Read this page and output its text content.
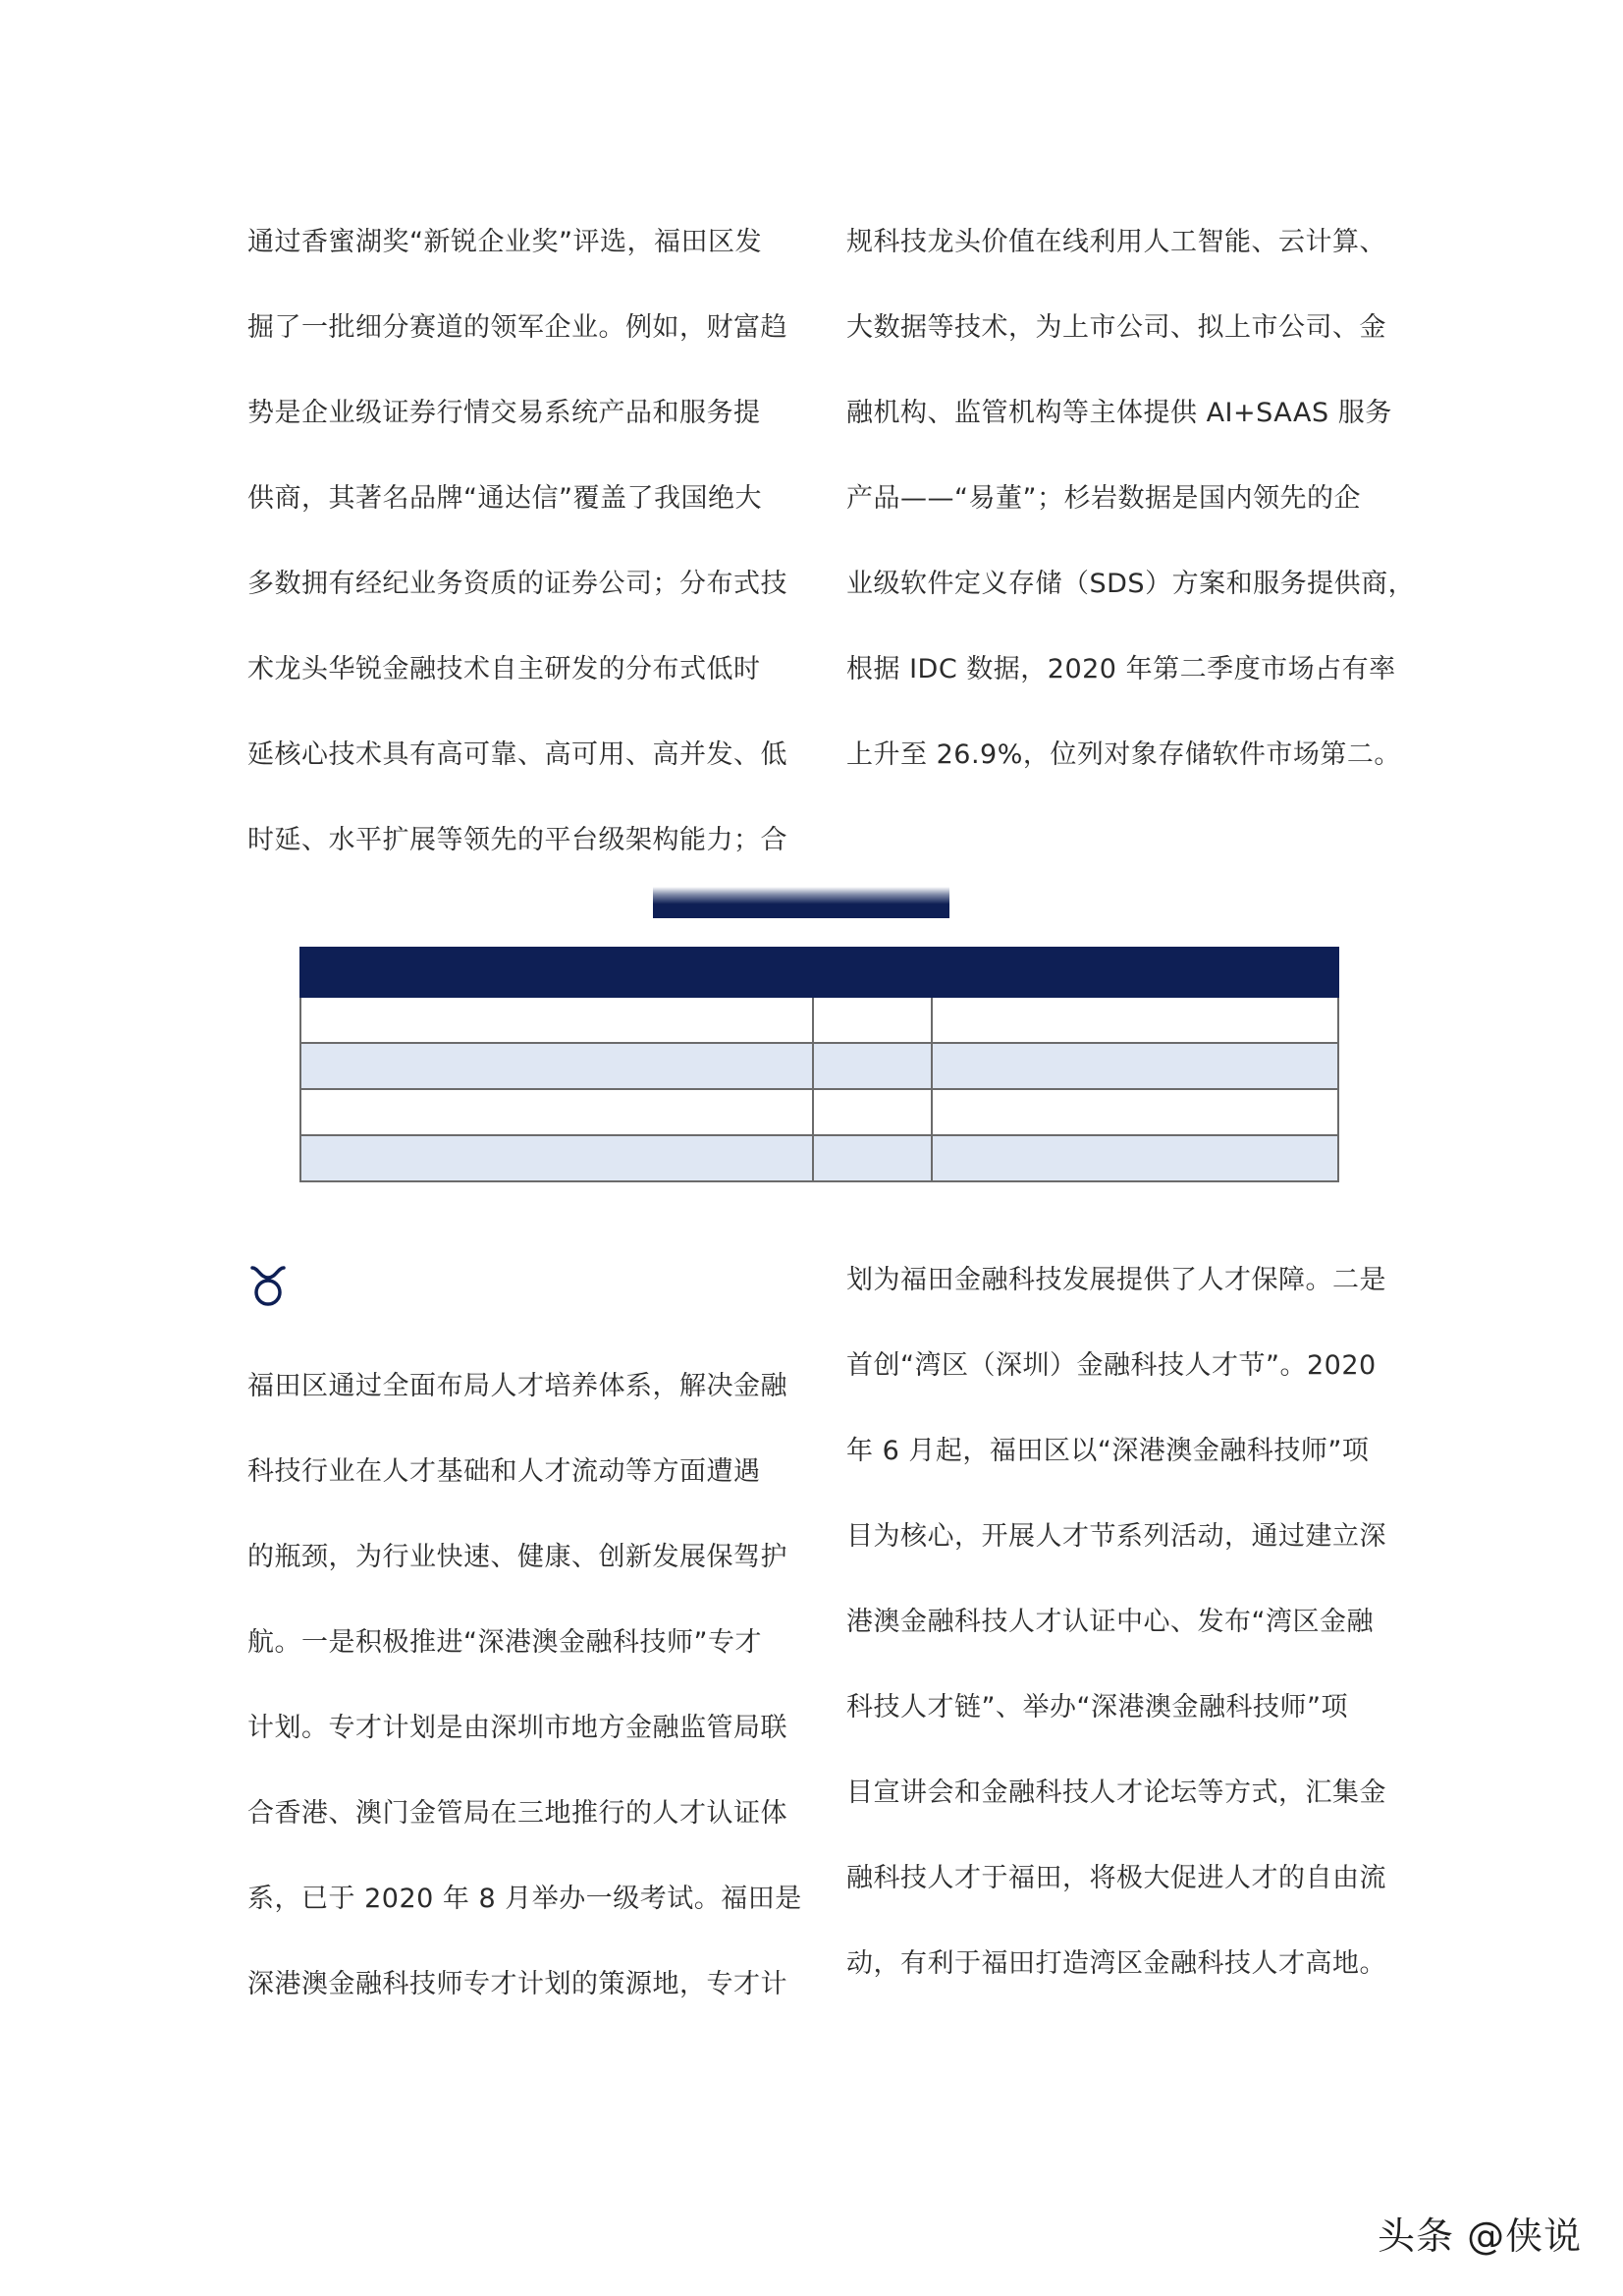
通过香蜜湖奖“新锐企业奖”评选，福田区发

掘了一批细分赛道的领军企业。例如，财富趋

势是企业级证券行情交易系统产品和服务提

供商，其著名品牌“通达信”覆盖了我国绝大

多数拥有经纪业务资质的证券公司；分布式技

术龙头华锐金融技术自主研发的分布式低时

延核心技术具有高可靠、高可用、高并发、低

时延、水平扩展等领先的平台级架构能力；合

规科技龙头价值在线利用人工智能、云计算、

大数据等技术，为上市公司、拟上市公司、金

融机构、监管机构等主体提供 AI+SAAS 服务

产品——“易董”；杉岩数据是国内领先的企

业级软件定义存储（SDS）方案和服务提供商，

根据 IDC 数据，2020 年第二季度市场占有率

上升至 26.9%，位列对象存储软件市场第二。

福田区通过全面布局人才培养体系，解决金融

科技行业在人才基础和人才流动等方面遭遇

的瓶颈，为行业快速、健康、创新发展保驾护

航。一是积极推进“深港澳金融科技师”专才

计划。专才计划是由深圳市地方金融监管局联

合香港、澳门金管局在三地推行的人才认证体

系，已于 2020 年 8 月举办一级考试。福田是

深港澳金融科技师专才计划的策源地，专才计

划为福田金融科技发展提供了人才保障。二是

首创“湾区（深圳）金融科技人才节”。2020

年 6 月起，福田区以“深港澳金融科技师”项

目为核心，开展人才节系列活动，通过建立深

港澳金融科技人才认证中心、发布“湾区金融

科技人才链”、举办“深港澳金融科技师”项

目宣讲会和金融科技人才论坛等方式，汇集金

融科技人才于福田，将极大促进人才的自由流

动，有利于福田打造湾区金融科技人才高地。

头条 @侠说
